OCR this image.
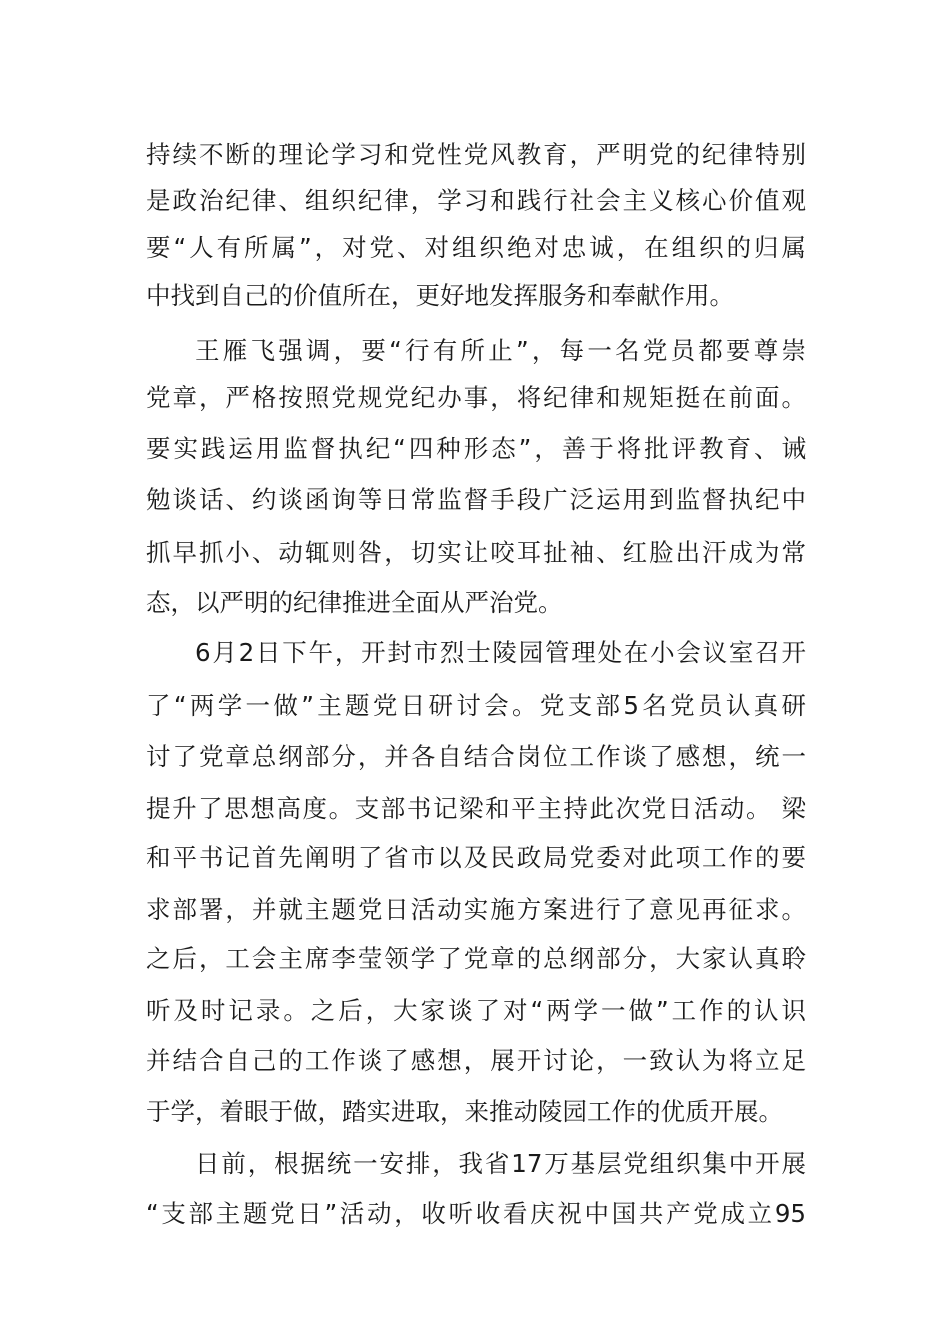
持续不断的理论学习和党性党风教育，严明党的纪律特别
是政治纪律、组织纪律，学习和践行社会主义核心价值观
要“人有所属”，对党、对组织绝对忠诚，在组织的归属
中找到自己的价值所在，更好地发挥服务和奉献作用。
王雁飞强调，要“行有所止”，每一名党员都要尊崇
党章，严格按照党规党纪办事，将纪律和规矩挺在前面。
要实践运用监督执纪“四种形态”，善于将批评教育、诫
勉谈话、约谈函询等日常监督手段广泛运用到监督执纪中
抓早抓小、动辄则咎，切实让咬耳扯袖、红脸出汗成为常
态，以严明的纪律推进全面从严治党。
6月2日下午，开封市烈士陵园管理处在小会议室召开
了“两学一做”主题党日研讨会。党支部5名党员认真研
讨了党章总纲部分，并各自结合岗位工作谈了感想，统一
提升了思想高度。支部书记梁和平主持此次党日活动。 梁
和平书记首先阐明了省市以及民政局党委对此项工作的要
求部署，并就主题党日活动实施方案进行了意见再征求。
之后，工会主席李莹领学了党章的总纲部分，大家认真聆
听及时记录。之后，大家谈了对“两学一做”工作的认识
并结合自己的工作谈了感想，展开讨论，一致认为将立足
于学，着眼于做，踏实进取，来推动陵园工作的优质开展。
日前，根据统一安排，我省17万基层党组织集中开展
“支部主题党日”活动，收听收看庆祝中国共产党成立95
